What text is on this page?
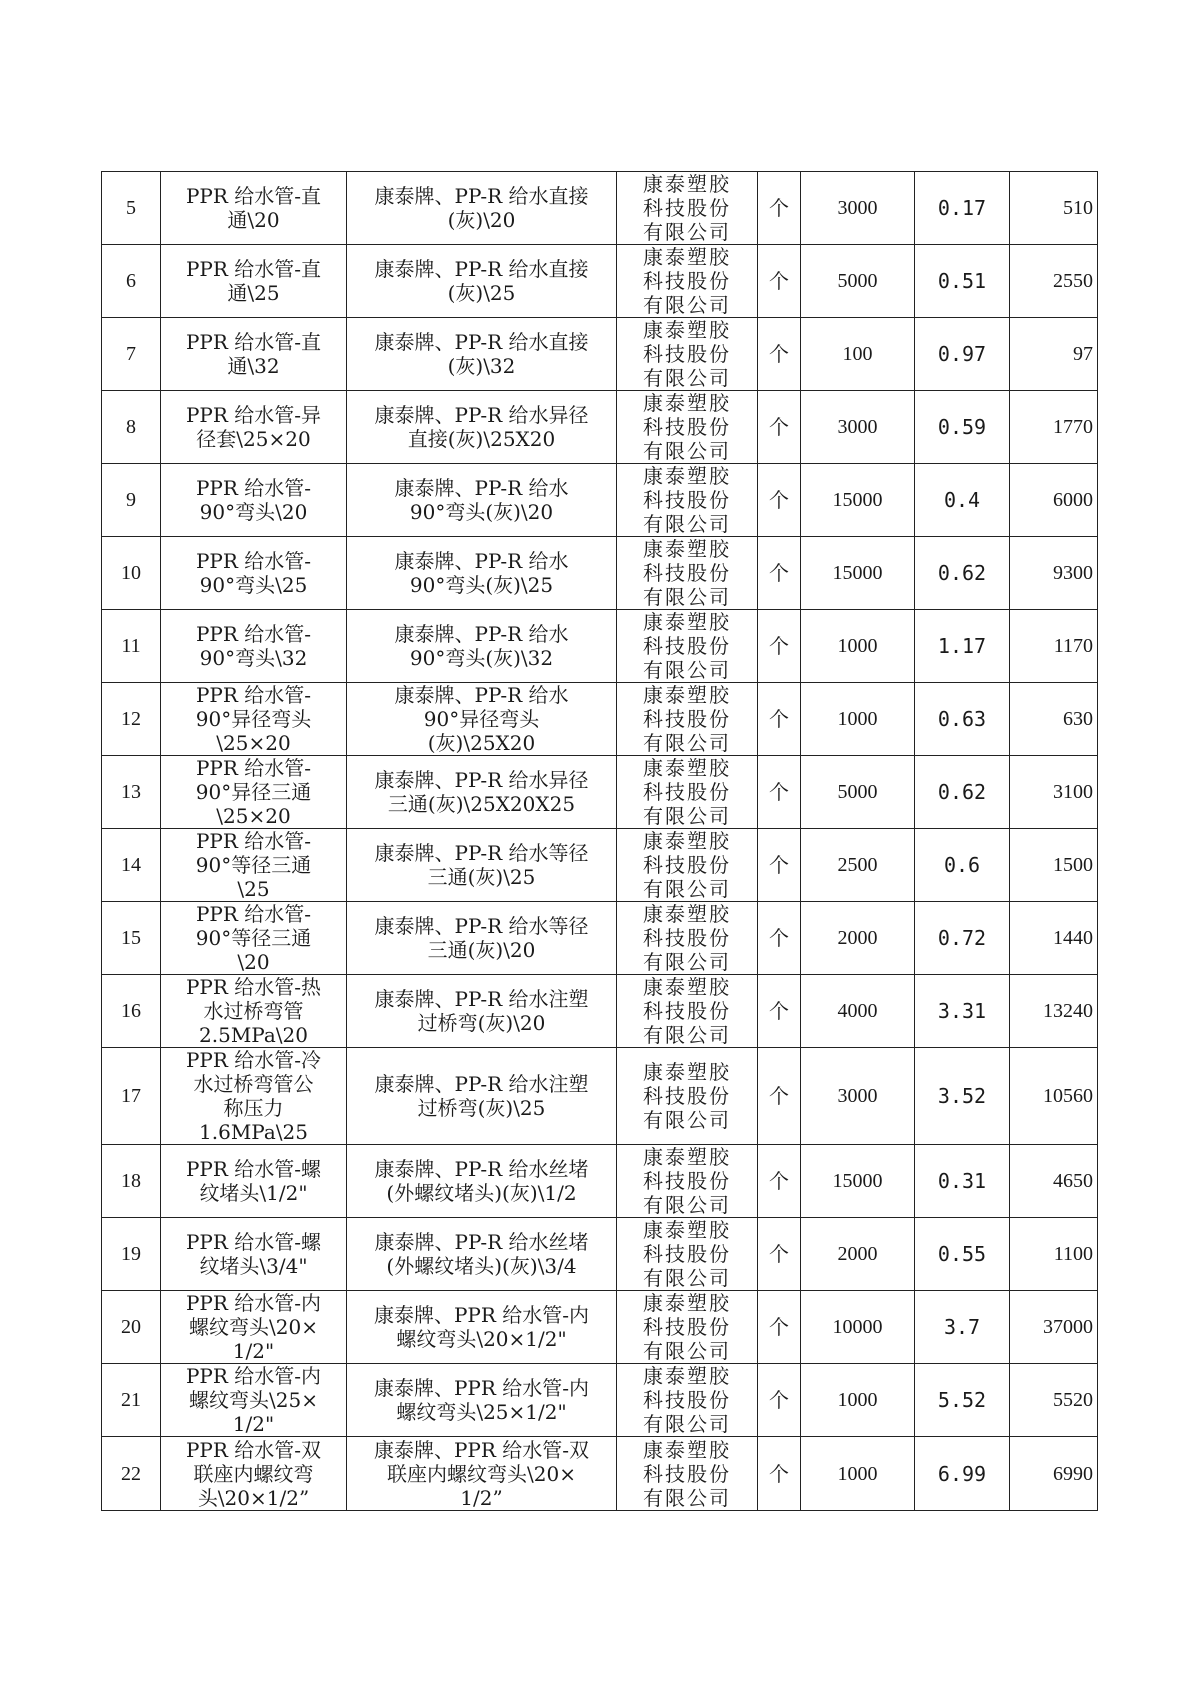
5	PPR 给水管-直
通\20	康泰牌、PP-R 给水直接
(灰)\20	康泰塑胶
科技股份
有限公司	个	3000	0.17	510

6	PPR 给水管-直
通\25	康泰牌、PP-R 给水直接
(灰)\25	康泰塑胶
科技股份
有限公司	个	5000	0.51	2550

7	PPR 给水管-直
通\32	康泰牌、PP-R 给水直接
(灰)\32	康泰塑胶
科技股份
有限公司	个	100	0.97	97

8	PPR 给水管-异
径套\25×20	康泰牌、PP-R 给水异径
直接(灰)\25X20	康泰塑胶
科技股份
有限公司	个	3000	0.59	1770

9	PPR 给水管-
90°弯头\20	康泰牌、PP-R 给水
90°弯头(灰)\20	康泰塑胶
科技股份
有限公司	个	15000	0.4	6000

10	PPR 给水管-
90°弯头\25	康泰牌、PP-R 给水
90°弯头(灰)\25	康泰塑胶
科技股份
有限公司	个	15000	0.62	9300

11	PPR 给水管-
90°弯头\32	康泰牌、PP-R 给水
90°弯头(灰)\32	康泰塑胶
科技股份
有限公司	个	1000	1.17	1170

12	PPR 给水管-
90°异径弯头
\25×20	康泰牌、PP-R 给水
90°异径弯头
(灰)\25X20	康泰塑胶
科技股份
有限公司	个	1000	0.63	630

13	PPR 给水管-
90°异径三通
\25×20	康泰牌、PP-R 给水异径
三通(灰)\25X20X25	康泰塑胶
科技股份
有限公司	个	5000	0.62	3100

14	PPR 给水管-
90°等径三通
\25	康泰牌、PP-R 给水等径
三通(灰)\25	康泰塑胶
科技股份
有限公司	个	2500	0.6	1500

15	PPR 给水管-
90°等径三通
\20	康泰牌、PP-R 给水等径
三通(灰)\20	康泰塑胶
科技股份
有限公司	个	2000	0.72	1440

16	PPR 给水管-热
水过桥弯管
2.5MPa\20	康泰牌、PP-R 给水注塑
过桥弯(灰)\20	康泰塑胶
科技股份
有限公司	个	4000	3.31	13240

17	PPR 给水管-冷
水过桥弯管公
称压力
1.6MPa\25	康泰牌、PP-R 给水注塑
过桥弯(灰)\25	康泰塑胶
科技股份
有限公司	个	3000	3.52	10560

18	PPR 给水管-螺
纹堵头\1/2"	康泰牌、PP-R 给水丝堵
(外螺纹堵头)(灰)\1/2	康泰塑胶
科技股份
有限公司	个	15000	0.31	4650

19	PPR 给水管-螺
纹堵头\3/4"	康泰牌、PP-R 给水丝堵
(外螺纹堵头)(灰)\3/4	康泰塑胶
科技股份
有限公司	个	2000	0.55	1100

20	PPR 给水管-内
螺纹弯头\20×
1/2"	康泰牌、PPR 给水管-内
螺纹弯头\20×1/2"	康泰塑胶
科技股份
有限公司	个	10000	3.7	37000

21	PPR 给水管-内
螺纹弯头\25×
1/2"	康泰牌、PPR 给水管-内
螺纹弯头\25×1/2"	康泰塑胶
科技股份
有限公司	个	1000	5.52	5520

22	PPR 给水管-双
联座内螺纹弯
头\20×1/2”	康泰牌、PPR 给水管-双
联座内螺纹弯头\20×
1/2”	康泰塑胶
科技股份
有限公司	个	1000	6.99	6990
